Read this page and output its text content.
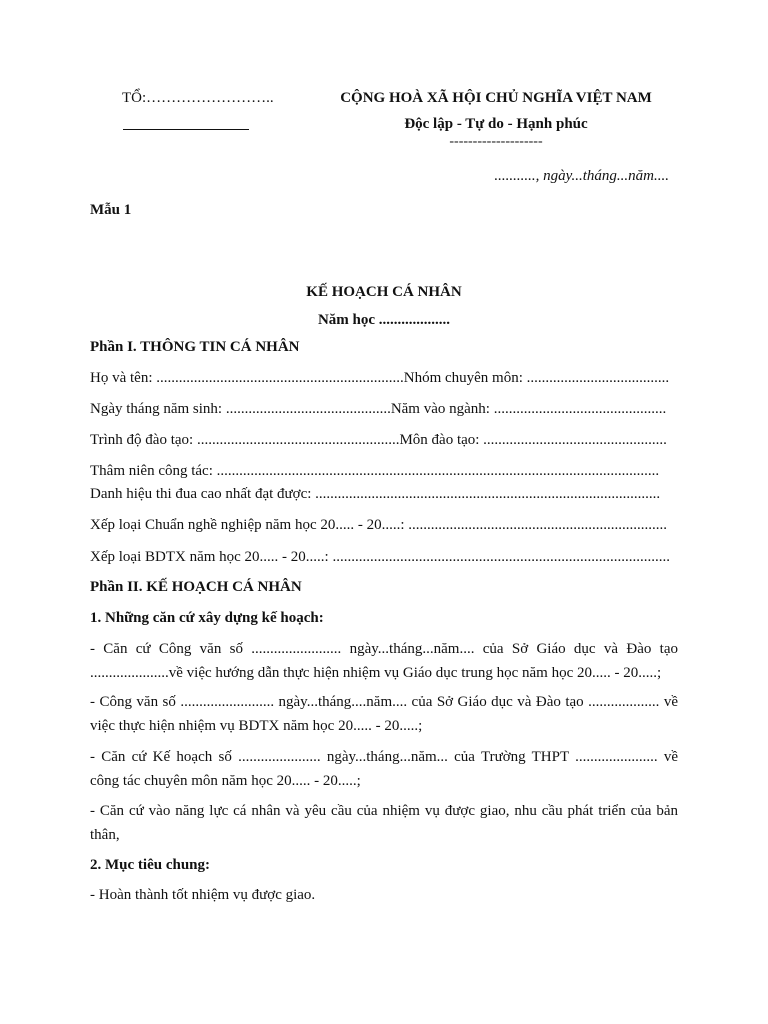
TỔ:……………………..	CỘNG HOÀ XÃ HỘI CHỦ NGHĨA VIỆT NAM
Độc lập - Tự do - Hạnh phúc
--------------------
..........., ngày...tháng...năm....
Mẫu 1
KẾ HOẠCH CÁ NHÂN
Năm học ...................
Phần I. THÔNG TIN CÁ NHÂN
Họ và tên: ..................................................................Nhóm chuyên môn: ......................................
Ngày tháng năm sinh: ............................................Năm vào ngành: ..............................................
Trình độ đào tạo: ......................................................Môn đào tạo: .................................................
Thâm niên công tác: ......................................................................................................................
Danh hiệu thi đua cao nhất đạt được: ............................................................................................
Xếp loại Chuẩn nghề nghiệp năm học 20..... - 20.....: .....................................................................
Xếp loại BDTX năm học 20..... - 20.....: ..........................................................................................
Phần II. KẾ HOẠCH CÁ NHÂN
1. Những căn cứ xây dựng kế hoạch:
- Căn cứ Công văn số ........................ ngày...tháng...năm.... của Sở Giáo dục và Đào tạo
.....................về việc hướng dẫn thực hiện nhiệm vụ Giáo dục trung học năm học 20..... - 20.....;
- Công văn số ......................... ngày...tháng....năm.... của Sở Giáo dục và Đào tạo ................... về
việc thực hiện nhiệm vụ BDTX năm học 20..... - 20.....;
- Căn cứ Kế hoạch số ...................... ngày...tháng...năm... của Trường THPT ...................... về
công tác chuyên môn năm học 20..... - 20.....;
- Căn cứ vào năng lực cá nhân và yêu cầu của nhiệm vụ được giao, nhu cầu phát triển của bản
thân,
2. Mục tiêu chung:
- Hoàn thành tốt nhiệm vụ được giao.
